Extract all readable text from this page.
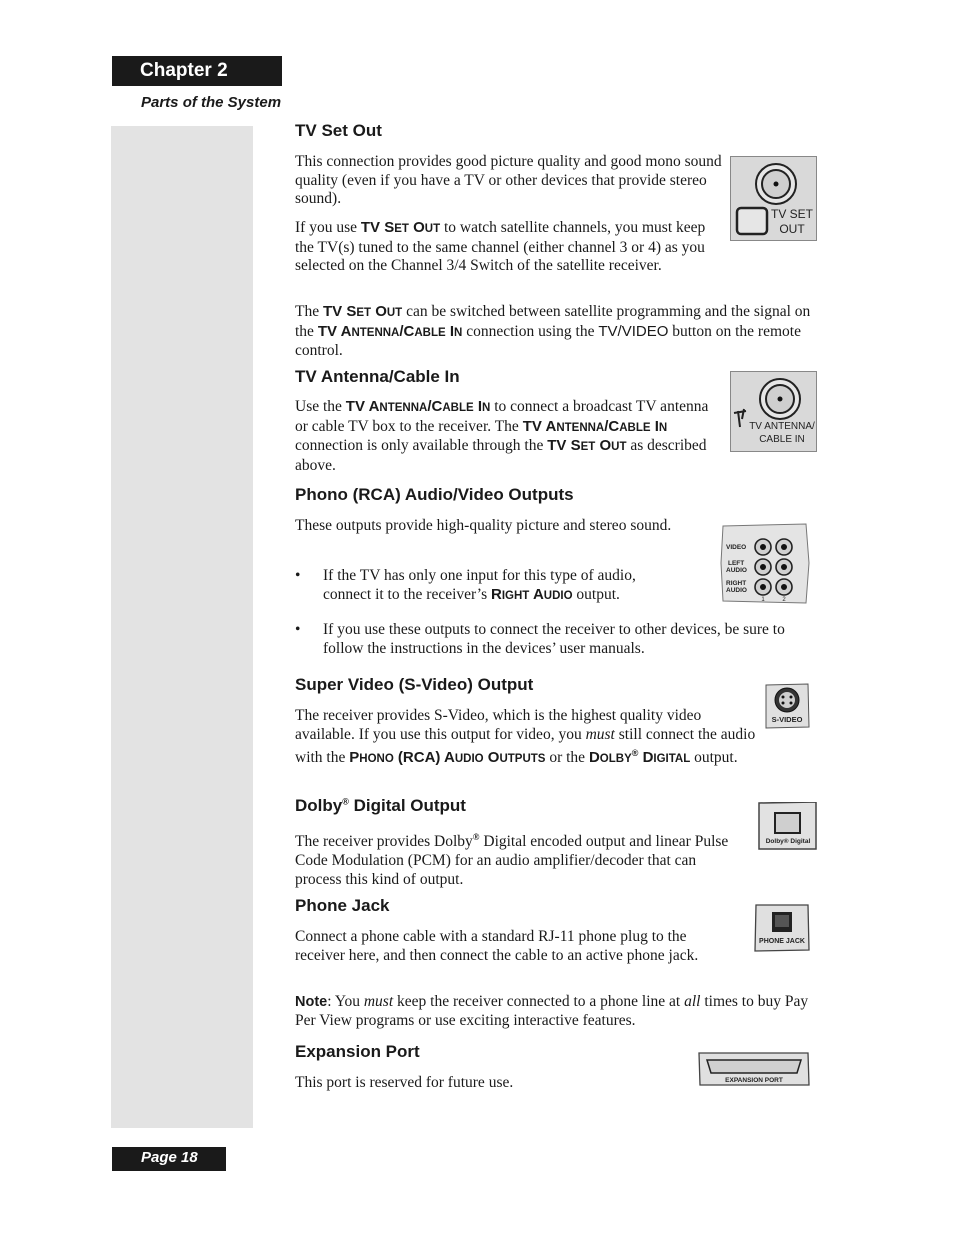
Chapter 2
Parts of the System
TV Set Out

This connection provides good picture quality and good mono sound quality (even if you have a TV or other devices that provide stereo sound).

If you use TV SET OUT to watch satellite channels, you must keep the TV(s) tuned to the same channel (either channel 3 or 4) as you selected on the Channel 3/4 Switch of the satellite receiver.

The TV SET OUT can be switched between satellite programming and the signal on the TV ANTENNA/CABLE IN connection using the TV/VIDEO button on the remote control.

TV SET
OUT
TV Antenna/Cable In

Use the TV ANTENNA/CABLE IN to connect a broadcast TV antenna or cable TV box to the receiver. The TV ANTENNA/CABLE IN connection is only available through the TV SET OUT as described above.

TV ANTENNA/
CABLE IN
Phono (RCA) Audio/Video Outputs

These outputs provide high-quality picture and stereo sound.

• If the TV has only one input for this type of audio, connect it to the receiver’s RIGHT AUDIO output.

• If you use these outputs to connect the receiver to other devices, be sure to follow the instructions in the devices’ user manuals.

VIDEO
LEFT
AUDIO
RIGHT
AUDIO
1	2
Super Video (S-Video) Output

The receiver provides S-Video, which is the highest quality video available. If you use this output for video, you must still connect the audio with the PHONO (RCA) AUDIO OUTPUTS or the DOLBY® DIGITAL output.

S-VIDEO
Dolby® Digital Output

The receiver provides Dolby® Digital encoded output and linear Pulse Code Modulation (PCM) for an audio amplifier/decoder that can process this kind of output.

Dolby® Digital
Phone Jack

Connect a phone cable with a standard RJ-11 phone plug to the receiver here, and then connect the cable to an active phone jack.

Note: You must keep the receiver connected to a phone line at all times to buy Pay Per View programs or use exciting interactive features.

PHONE JACK
Expansion Port

This port is reserved for future use.	EXPANSION PORT
Page 18
